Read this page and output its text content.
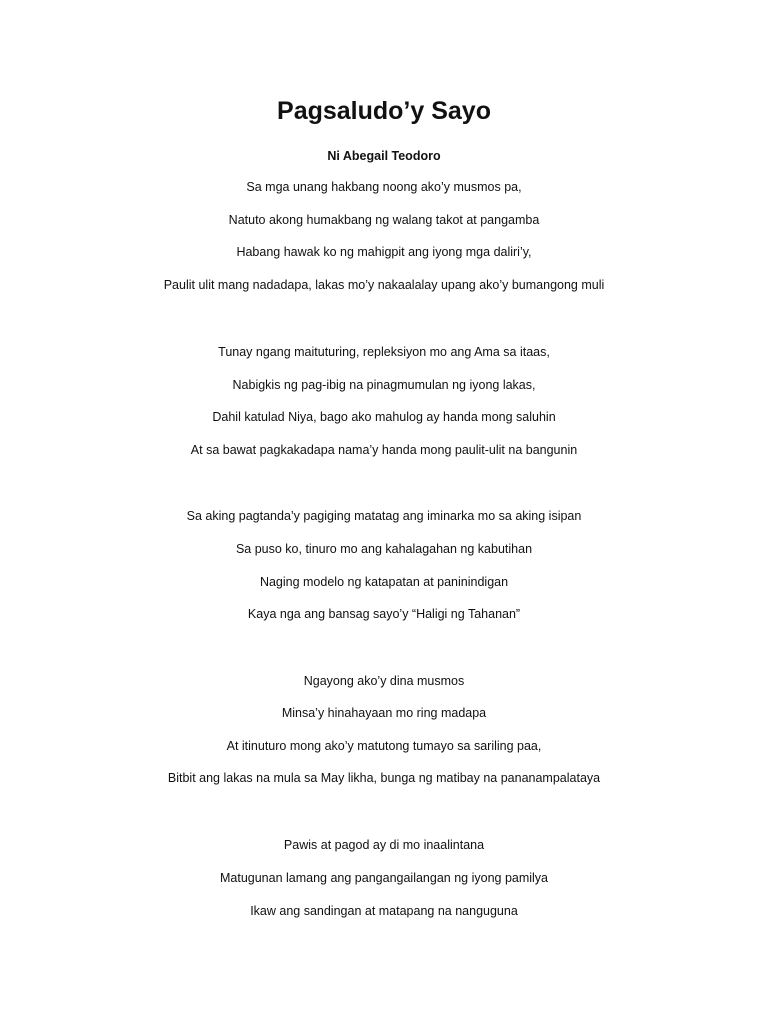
Pagsaludo’y Sayo

Ni Abegail Teodoro

Sa mga unang hakbang noong ako’y musmos pa,

Natuto akong humakbang ng walang takot at pangamba

Habang hawak ko ng mahigpit ang iyong mga daliri’y,

Paulit ulit mang nadadapa, lakas mo’y nakaalalay upang ako’y bumangong muli

Tunay ngang maituturing, repleksiyon mo ang Ama sa itaas,

Nabigkis ng pag-ibig na pinagmumulan ng iyong lakas,

Dahil katulad Niya, bago ako mahulog ay handa mong saluhin

At sa bawat pagkakadapa nama’y handa mong paulit-ulit na bangunin

Sa aking pagtanda’y pagiging matatag ang iminarka mo sa aking isipan

Sa puso ko, tinuro mo ang kahalagahan ng kabutihan

Naging modelo ng katapatan at paninindigan

Kaya nga ang bansag sayo’y “Haligi ng Tahanan”

Ngayong ako’y dina musmos

Minsa’y hinahayaan mo ring madapa

At itinuturo mong ako’y matutong tumayo sa sariling paa,

Bitbit ang lakas na mula sa May likha, bunga ng matibay na pananampalataya

Pawis at pagod ay di mo inaalintana

Matugunan lamang ang pangangailangan ng iyong pamilya

Ikaw ang sandingan at matapang na nanguguna
